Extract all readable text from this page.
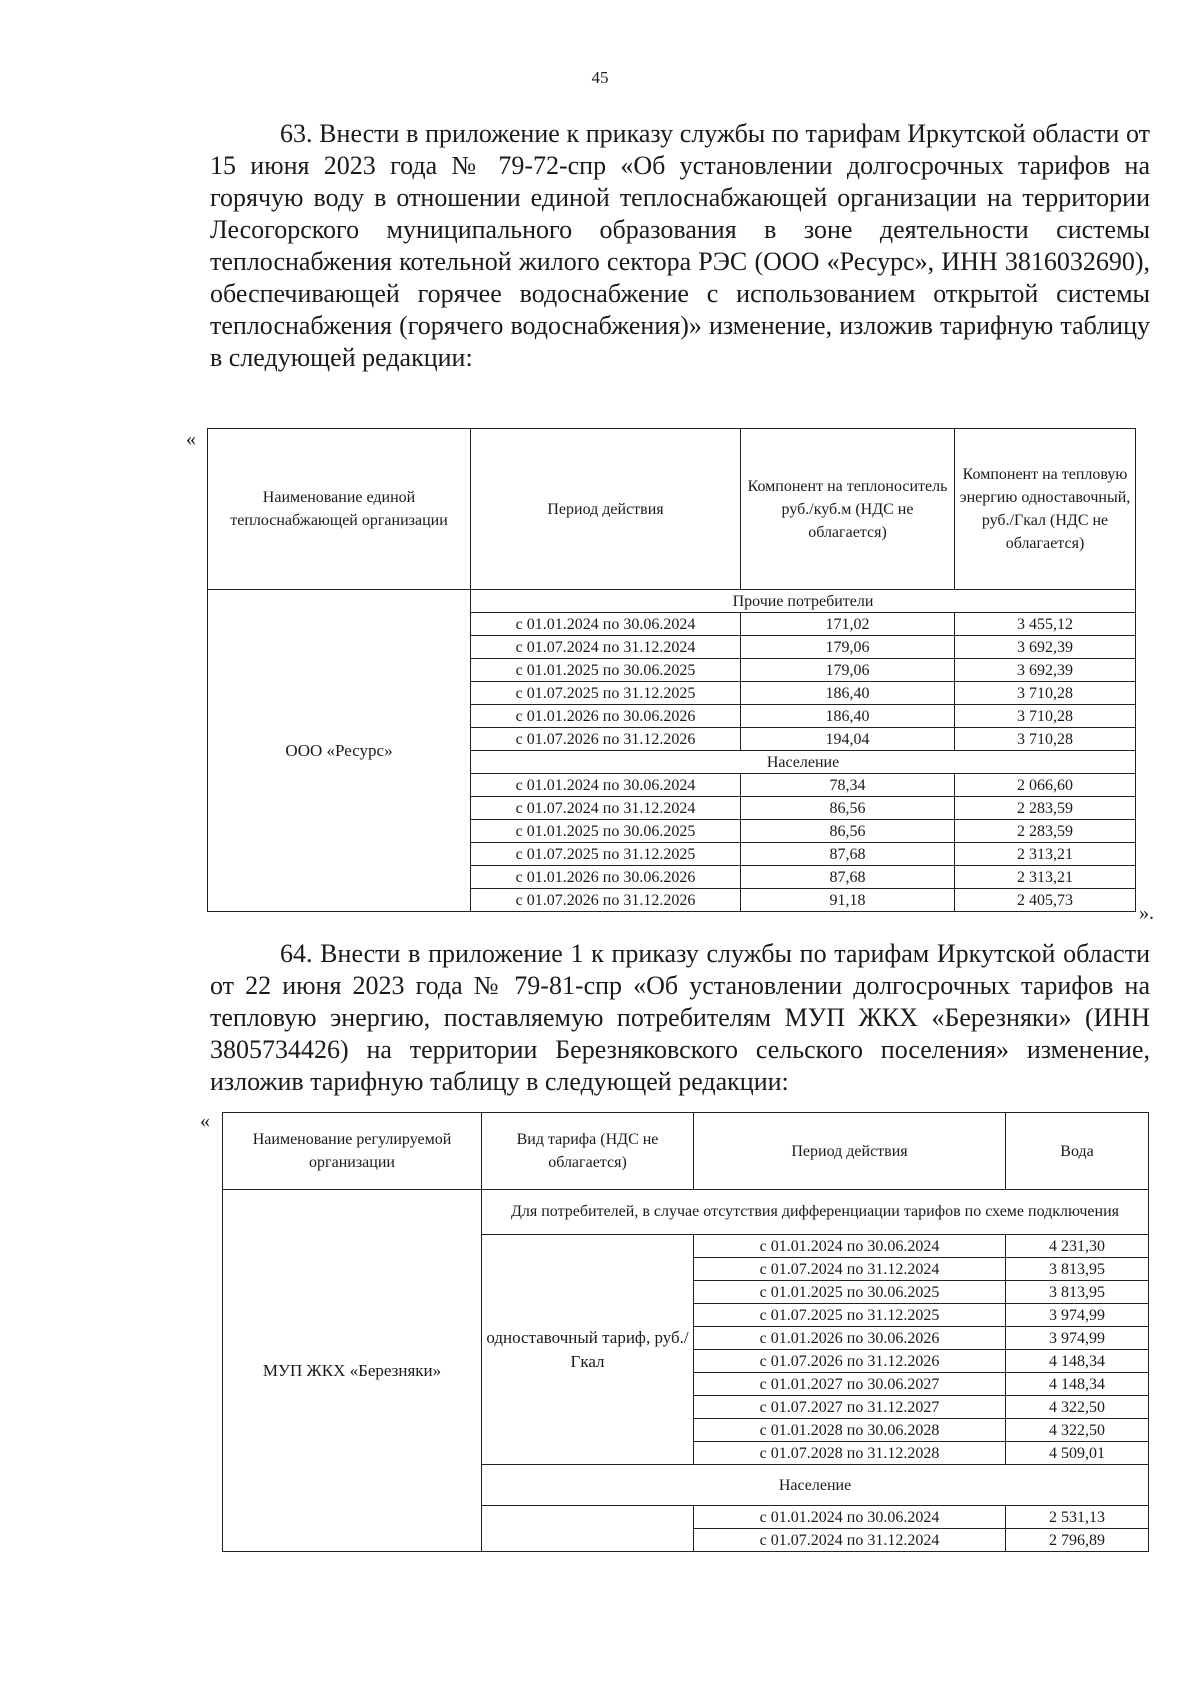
45

63. Внести в приложение к приказу службы по тарифам Иркутской области от 15 июня 2023 года № 79-72-спр «Об установлении долгосрочных тарифов на горячую воду в отношении единой теплоснабжающей организации на территории Лесогорского муниципального образования в зоне деятельности системы теплоснабжения котельной жилого сектора РЭС (ООО «Ресурс», ИНН 3816032690), обеспечивающей горячее водоснабжение с использованием открытой системы теплоснабжения (горячего водоснабжения)» изменение, изложив тарифную таблицу в следующей редакции:

«
Наименование единой теплоснабжающей организации	Период действия	Компонент на теплоноситель руб./куб.м (НДС не облагается)	Компонент на тепловую энергию одноставочный, руб./Гкал (НДС не облагается)
ООО «Ресурс»	Прочие потребители		
	с 01.01.2024 по 30.06.2024	171,02	3 455,12
	с 01.07.2024 по 31.12.2024	179,06	3 692,39
	с 01.01.2025 по 30.06.2025	179,06	3 692,39
	с 01.07.2025 по 31.12.2025	186,40	3 710,28
	с 01.01.2026 по 30.06.2026	186,40	3 710,28
	с 01.07.2026 по 31.12.2026	194,04	3 710,28
	Население		
	с 01.01.2024 по 30.06.2024	78,34	2 066,60
	с 01.07.2024 по 31.12.2024	86,56	2 283,59
	с 01.01.2025 по 30.06.2025	86,56	2 283,59
	с 01.07.2025 по 31.12.2025	87,68	2 313,21
	с 01.01.2026 по 30.06.2026	87,68	2 313,21
	с 01.07.2026 по 31.12.2026	91,18	2 405,73
».

64. Внести в приложение 1 к приказу службы по тарифам Иркутской области от 22 июня 2023 года № 79-81-спр «Об установлении долгосрочных тарифов на тепловую энергию, поставляемую потребителям МУП ЖКХ «Березняки» (ИНН 3805734426) на территории Березняковского сельского поселения» изменение, изложив тарифную таблицу в следующей редакции:

«
Наименование регулируемой организации	Вид тарифа (НДС не облагается)	Период действия	Вода
МУП ЖКХ «Березняки»	Для потребителей, в случае отсутствия дифференциации тарифов по схеме подключения		
	одноставочный тариф, руб./Гкал	с 01.01.2024 по 30.06.2024	4 231,30
		с 01.07.2024 по 31.12.2024	3 813,95
		с 01.01.2025 по 30.06.2025	3 813,95
		с 01.07.2025 по 31.12.2025	3 974,99
		с 01.01.2026 по 30.06.2026	3 974,99
		с 01.07.2026 по 31.12.2026	4 148,34
		с 01.01.2027 по 30.06.2027	4 148,34
		с 01.07.2027 по 31.12.2027	4 322,50
		с 01.01.2028 по 30.06.2028	4 322,50
		с 01.07.2028 по 31.12.2028	4 509,01
	Население		
		с 01.01.2024 по 30.06.2024	2 531,13
		с 01.07.2024 по 31.12.2024	2 796,89
